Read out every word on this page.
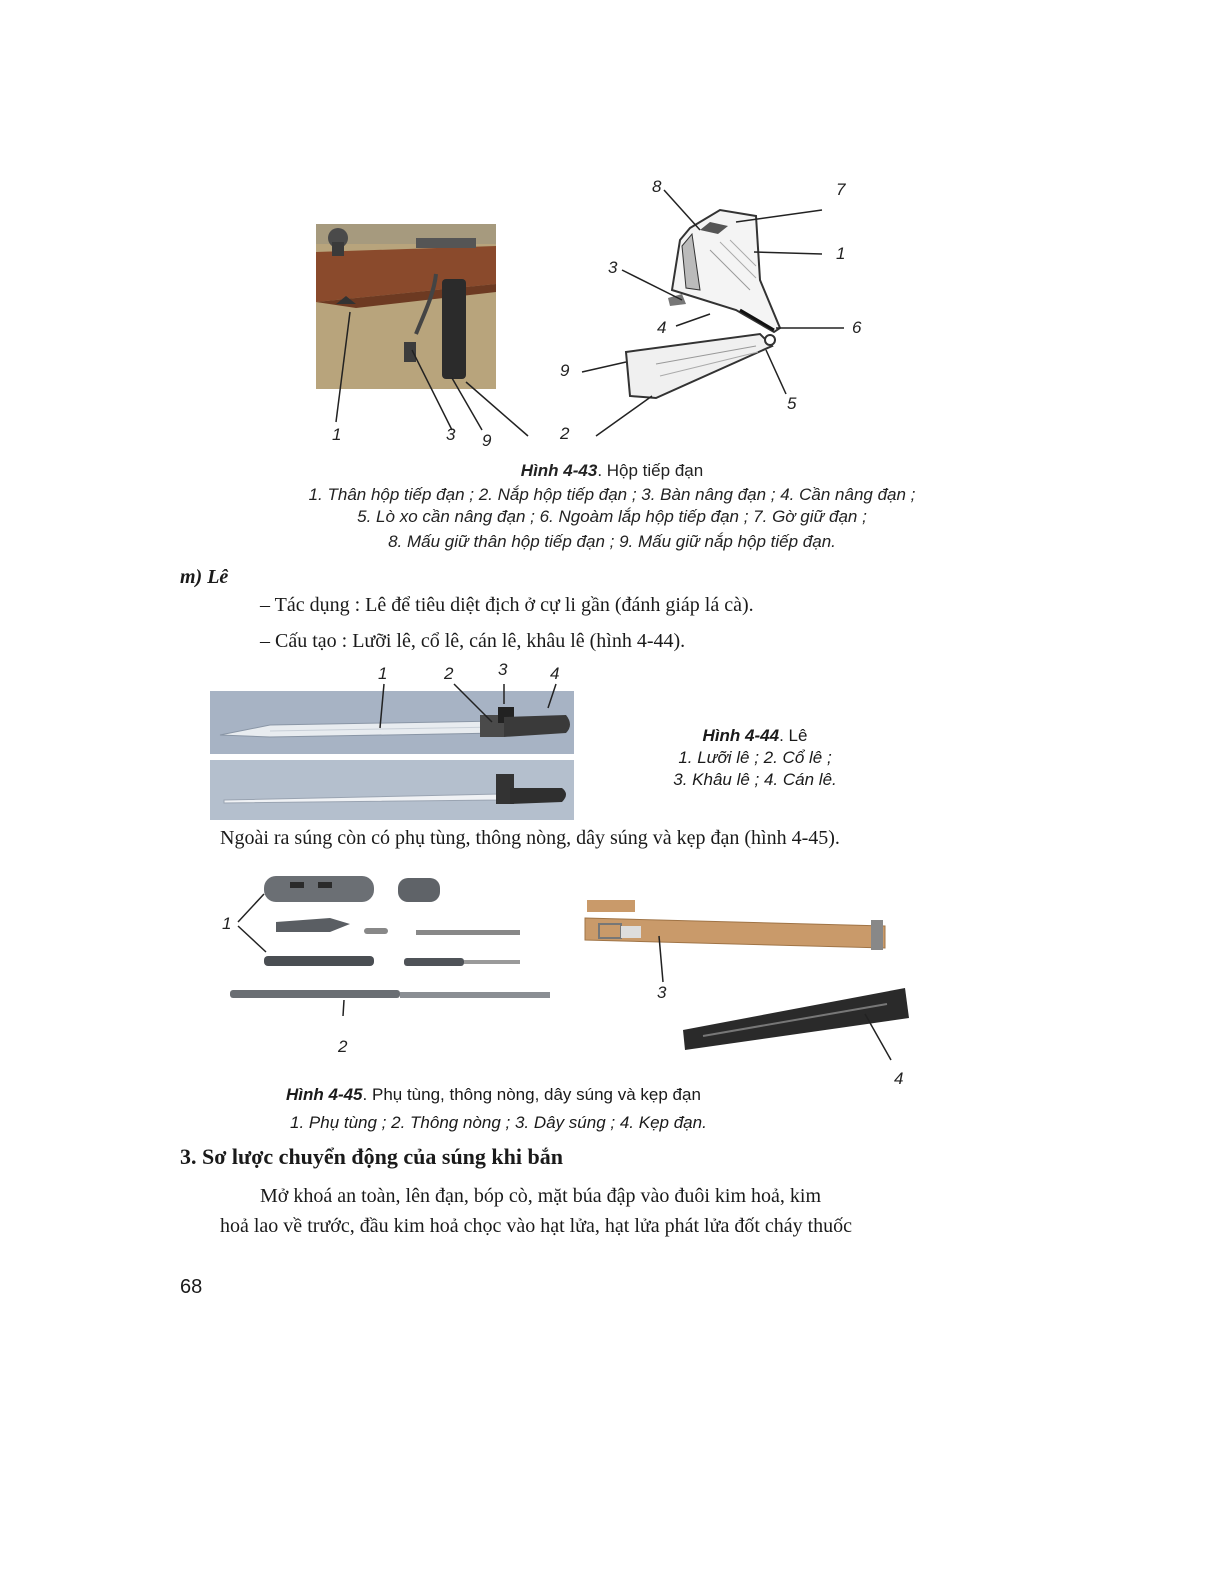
1	3 9
8	7
1
3
6
4
9
5
2
Hình 4-43. Hộp tiếp đạn
1. Thân hộp tiếp đạn ; 2. Nắp hộp tiếp đạn ; 3. Bàn nâng đạn ; 4. Cần nâng đạn ;
5. Lò xo cần nâng đạn ; 6. Ngoàm lắp hộp tiếp đạn ; 7. Gờ giữ đạn ;
8. Mấu giữ thân hộp tiếp đạn ; 9. Mấu giữ nắp hộp tiếp đạn.
m) Lê
– Tác dụng : Lê để tiêu diệt địch ở cự li gần (đánh giáp lá cà).
– Cấu tạo : Lưỡi lê, cổ lê, cán lê, khâu lê (hình 4-44).
1	2	3	4
Hình 4-44. Lê
1. Lưỡi lê ; 2. Cổ lê ;
3. Khâu lê ; 4. Cán lê.
Ngoài ra súng còn có phụ tùng, thông nòng, dây súng và kẹp đạn (hình 4-45).
1
2
3
4
Hình 4-45. Phụ tùng, thông nòng, dây súng và kẹp đạn
1. Phụ tùng ; 2. Thông nòng ; 3. Dây súng ; 4. Kẹp đạn.
3. Sơ lược chuyển động của súng khi bắn
Mở khoá an toàn, lên đạn, bóp cò, mặt búa đập vào đuôi kim hoả, kim
hoả lao về trước, đầu kim hoả chọc vào hạt lửa, hạt lửa phát lửa đốt cháy thuốc
68
